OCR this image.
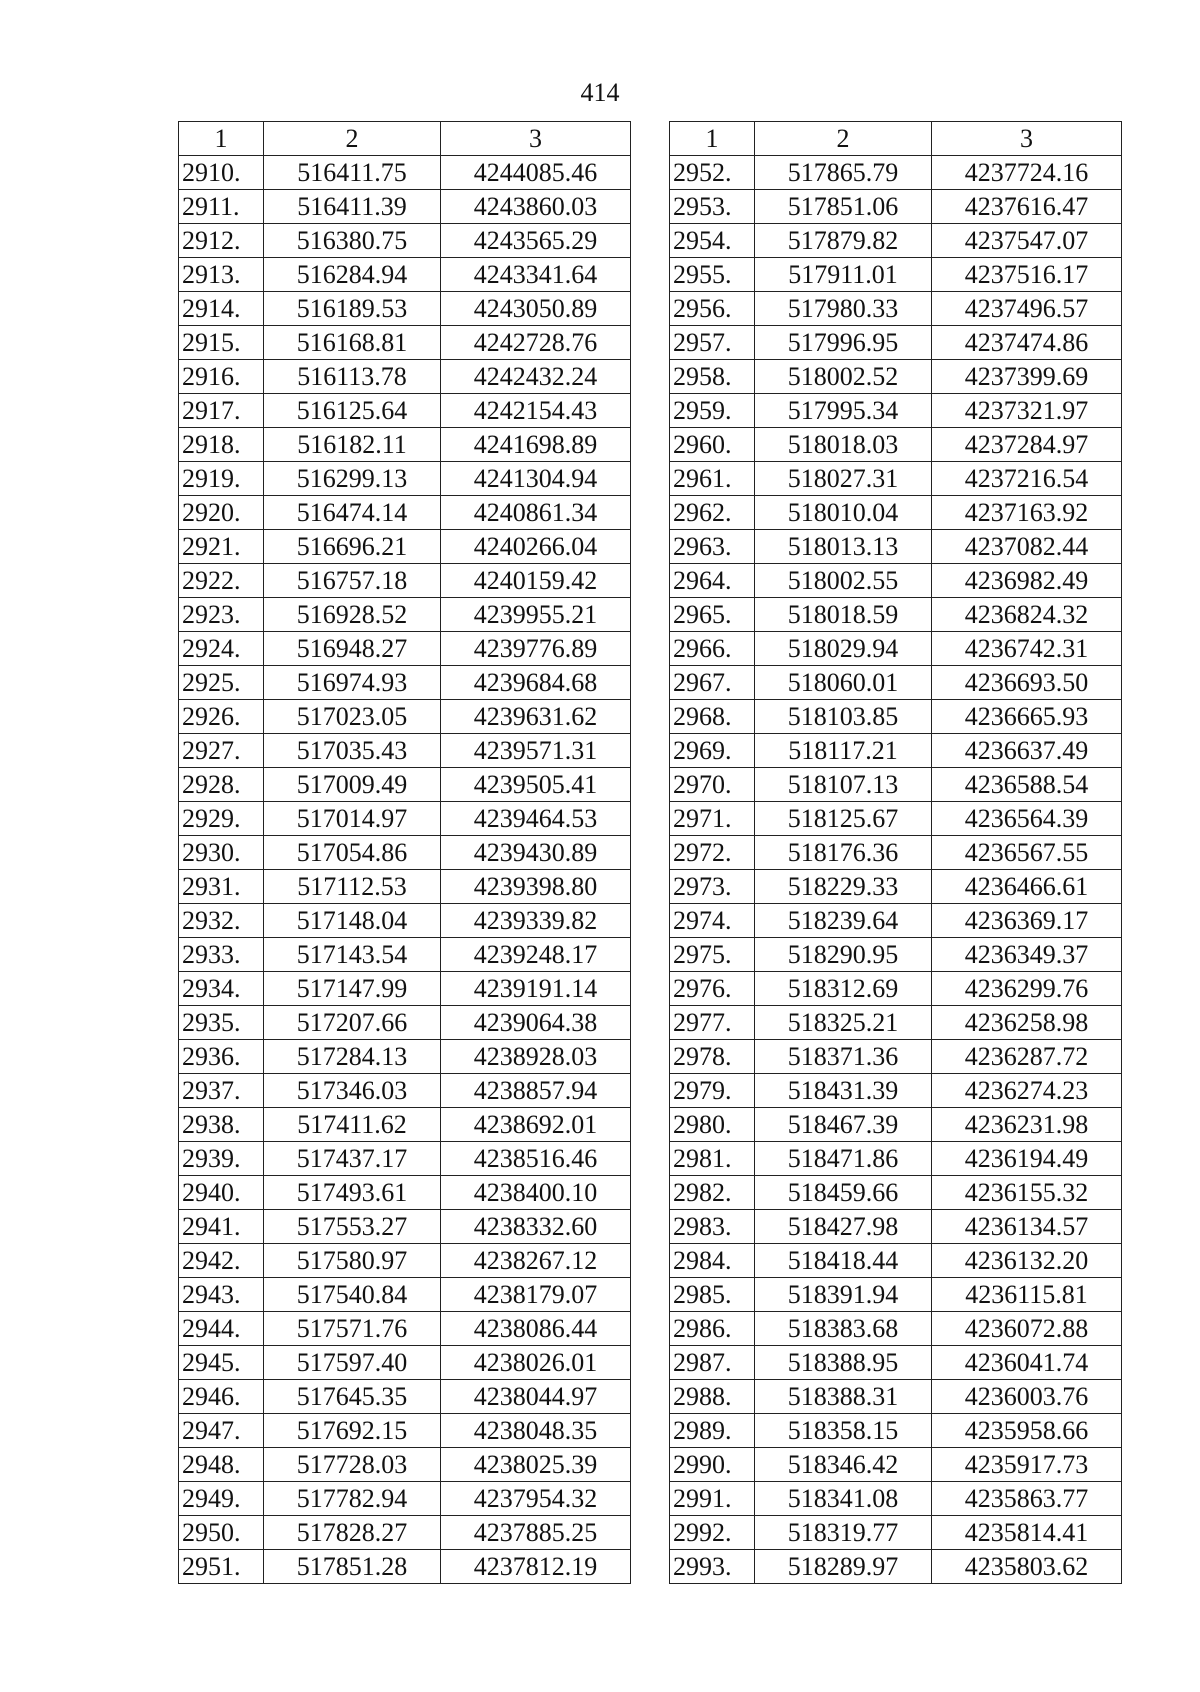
414
1	2	3
2910.	516411.75	4244085.46
2911.	516411.39	4243860.03
2912.	516380.75	4243565.29
2913.	516284.94	4243341.64
2914.	516189.53	4243050.89
2915.	516168.81	4242728.76
2916.	516113.78	4242432.24
2917.	516125.64	4242154.43
2918.	516182.11	4241698.89
2919.	516299.13	4241304.94
2920.	516474.14	4240861.34
2921.	516696.21	4240266.04
2922.	516757.18	4240159.42
2923.	516928.52	4239955.21
2924.	516948.27	4239776.89
2925.	516974.93	4239684.68
2926.	517023.05	4239631.62
2927.	517035.43	4239571.31
2928.	517009.49	4239505.41
2929.	517014.97	4239464.53
2930.	517054.86	4239430.89
2931.	517112.53	4239398.80
2932.	517148.04	4239339.82
2933.	517143.54	4239248.17
2934.	517147.99	4239191.14
2935.	517207.66	4239064.38
2936.	517284.13	4238928.03
2937.	517346.03	4238857.94
2938.	517411.62	4238692.01
2939.	517437.17	4238516.46
2940.	517493.61	4238400.10
2941.	517553.27	4238332.60
2942.	517580.97	4238267.12
2943.	517540.84	4238179.07
2944.	517571.76	4238086.44
2945.	517597.40	4238026.01
2946.	517645.35	4238044.97
2947.	517692.15	4238048.35
2948.	517728.03	4238025.39
2949.	517782.94	4237954.32
2950.	517828.27	4237885.25
2951.	517851.28	4237812.19
1	2	3
2952.	517865.79	4237724.16
2953.	517851.06	4237616.47
2954.	517879.82	4237547.07
2955.	517911.01	4237516.17
2956.	517980.33	4237496.57
2957.	517996.95	4237474.86
2958.	518002.52	4237399.69
2959.	517995.34	4237321.97
2960.	518018.03	4237284.97
2961.	518027.31	4237216.54
2962.	518010.04	4237163.92
2963.	518013.13	4237082.44
2964.	518002.55	4236982.49
2965.	518018.59	4236824.32
2966.	518029.94	4236742.31
2967.	518060.01	4236693.50
2968.	518103.85	4236665.93
2969.	518117.21	4236637.49
2970.	518107.13	4236588.54
2971.	518125.67	4236564.39
2972.	518176.36	4236567.55
2973.	518229.33	4236466.61
2974.	518239.64	4236369.17
2975.	518290.95	4236349.37
2976.	518312.69	4236299.76
2977.	518325.21	4236258.98
2978.	518371.36	4236287.72
2979.	518431.39	4236274.23
2980.	518467.39	4236231.98
2981.	518471.86	4236194.49
2982.	518459.66	4236155.32
2983.	518427.98	4236134.57
2984.	518418.44	4236132.20
2985.	518391.94	4236115.81
2986.	518383.68	4236072.88
2987.	518388.95	4236041.74
2988.	518388.31	4236003.76
2989.	518358.15	4235958.66
2990.	518346.42	4235917.73
2991.	518341.08	4235863.77
2992.	518319.77	4235814.41
2993.	518289.97	4235803.62
